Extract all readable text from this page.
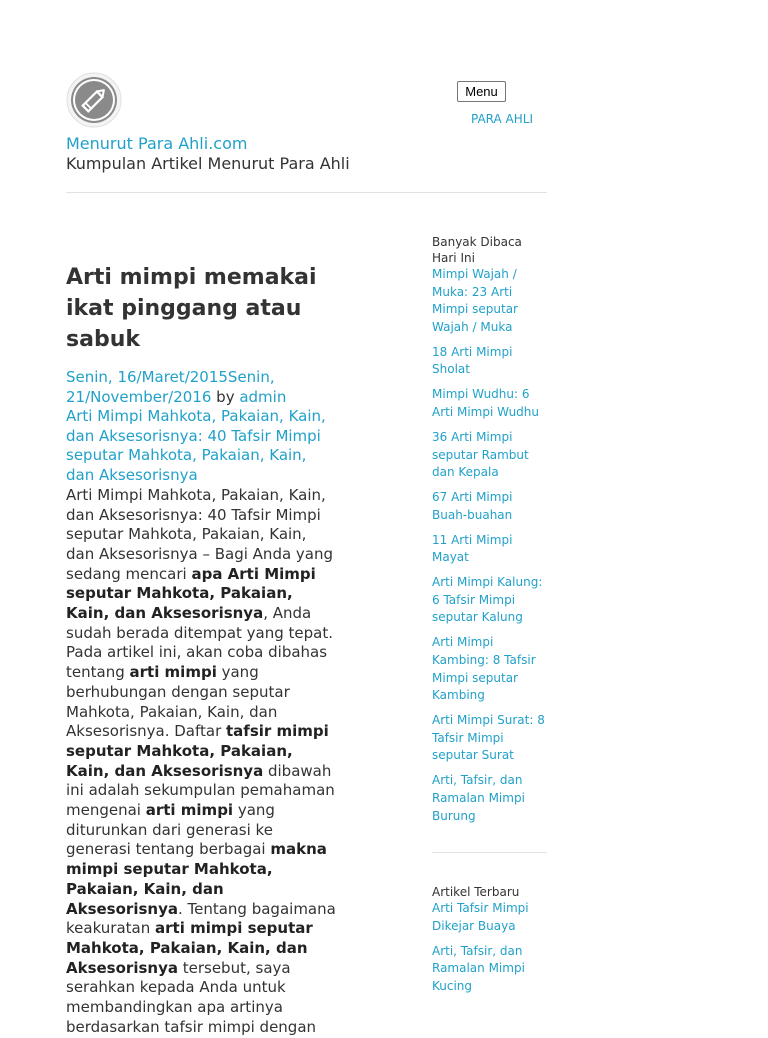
Menurut Para Ahli.com
Kumpulan Artikel Menurut Para Ahli
Menu
PARA AHLI
Arti mimpi memakai ikat pinggang atau sabuk
Senin, 16/Maret/2015Senin, 21/November/2016 by admin
Arti Mimpi Mahkota, Pakaian, Kain, dan Aksesorisnya: 40 Tafsir Mimpi seputar Mahkota, Pakaian, Kain, dan Aksesorisnya
Arti Mimpi Mahkota, Pakaian, Kain, dan Aksesorisnya: 40 Tafsir Mimpi seputar Mahkota, Pakaian, Kain, dan Aksesorisnya – Bagi Anda yang sedang mencari apa Arti Mimpi seputar Mahkota, Pakaian, Kain, dan Aksesorisnya, Anda sudah berada ditempat yang tepat. Pada artikel ini, akan coba dibahas tentang arti mimpi yang berhubungan dengan seputar Mahkota, Pakaian, Kain, dan Aksesorisnya. Daftar tafsir mimpi seputar Mahkota, Pakaian, Kain, dan Aksesorisnya dibawah ini adalah sekumpulan pemahaman mengenai arti mimpi yang diturunkan dari generasi ke generasi tentang berbagai makna mimpi seputar Mahkota, Pakaian, Kain, dan Aksesorisnya. Tentang bagaimana keakuratan arti mimpi seputar Mahkota, Pakaian, Kain, dan Aksesorisnya tersebut, saya serahkan kepada Anda untuk membandingkan apa artinya berdasarkan tafsir mimpi dengan
Banyak Dibaca Hari Ini
Mimpi Wajah / Muka: 23 Arti Mimpi seputar Wajah / Muka
18 Arti Mimpi Sholat
Mimpi Wudhu: 6 Arti Mimpi Wudhu
36 Arti Mimpi seputar Rambut dan Kepala
67 Arti Mimpi Buah-buahan
11 Arti Mimpi Mayat
Arti Mimpi Kalung: 6 Tafsir Mimpi seputar Kalung
Arti Mimpi Kambing: 8 Tafsir Mimpi seputar Kambing
Arti Mimpi Surat: 8 Tafsir Mimpi seputar Surat
Arti, Tafsir, dan Ramalan Mimpi Burung
Artikel Terbaru
Arti Tafsir Mimpi Dikejar Buaya
Arti, Tafsir, dan Ramalan Mimpi Kucing
